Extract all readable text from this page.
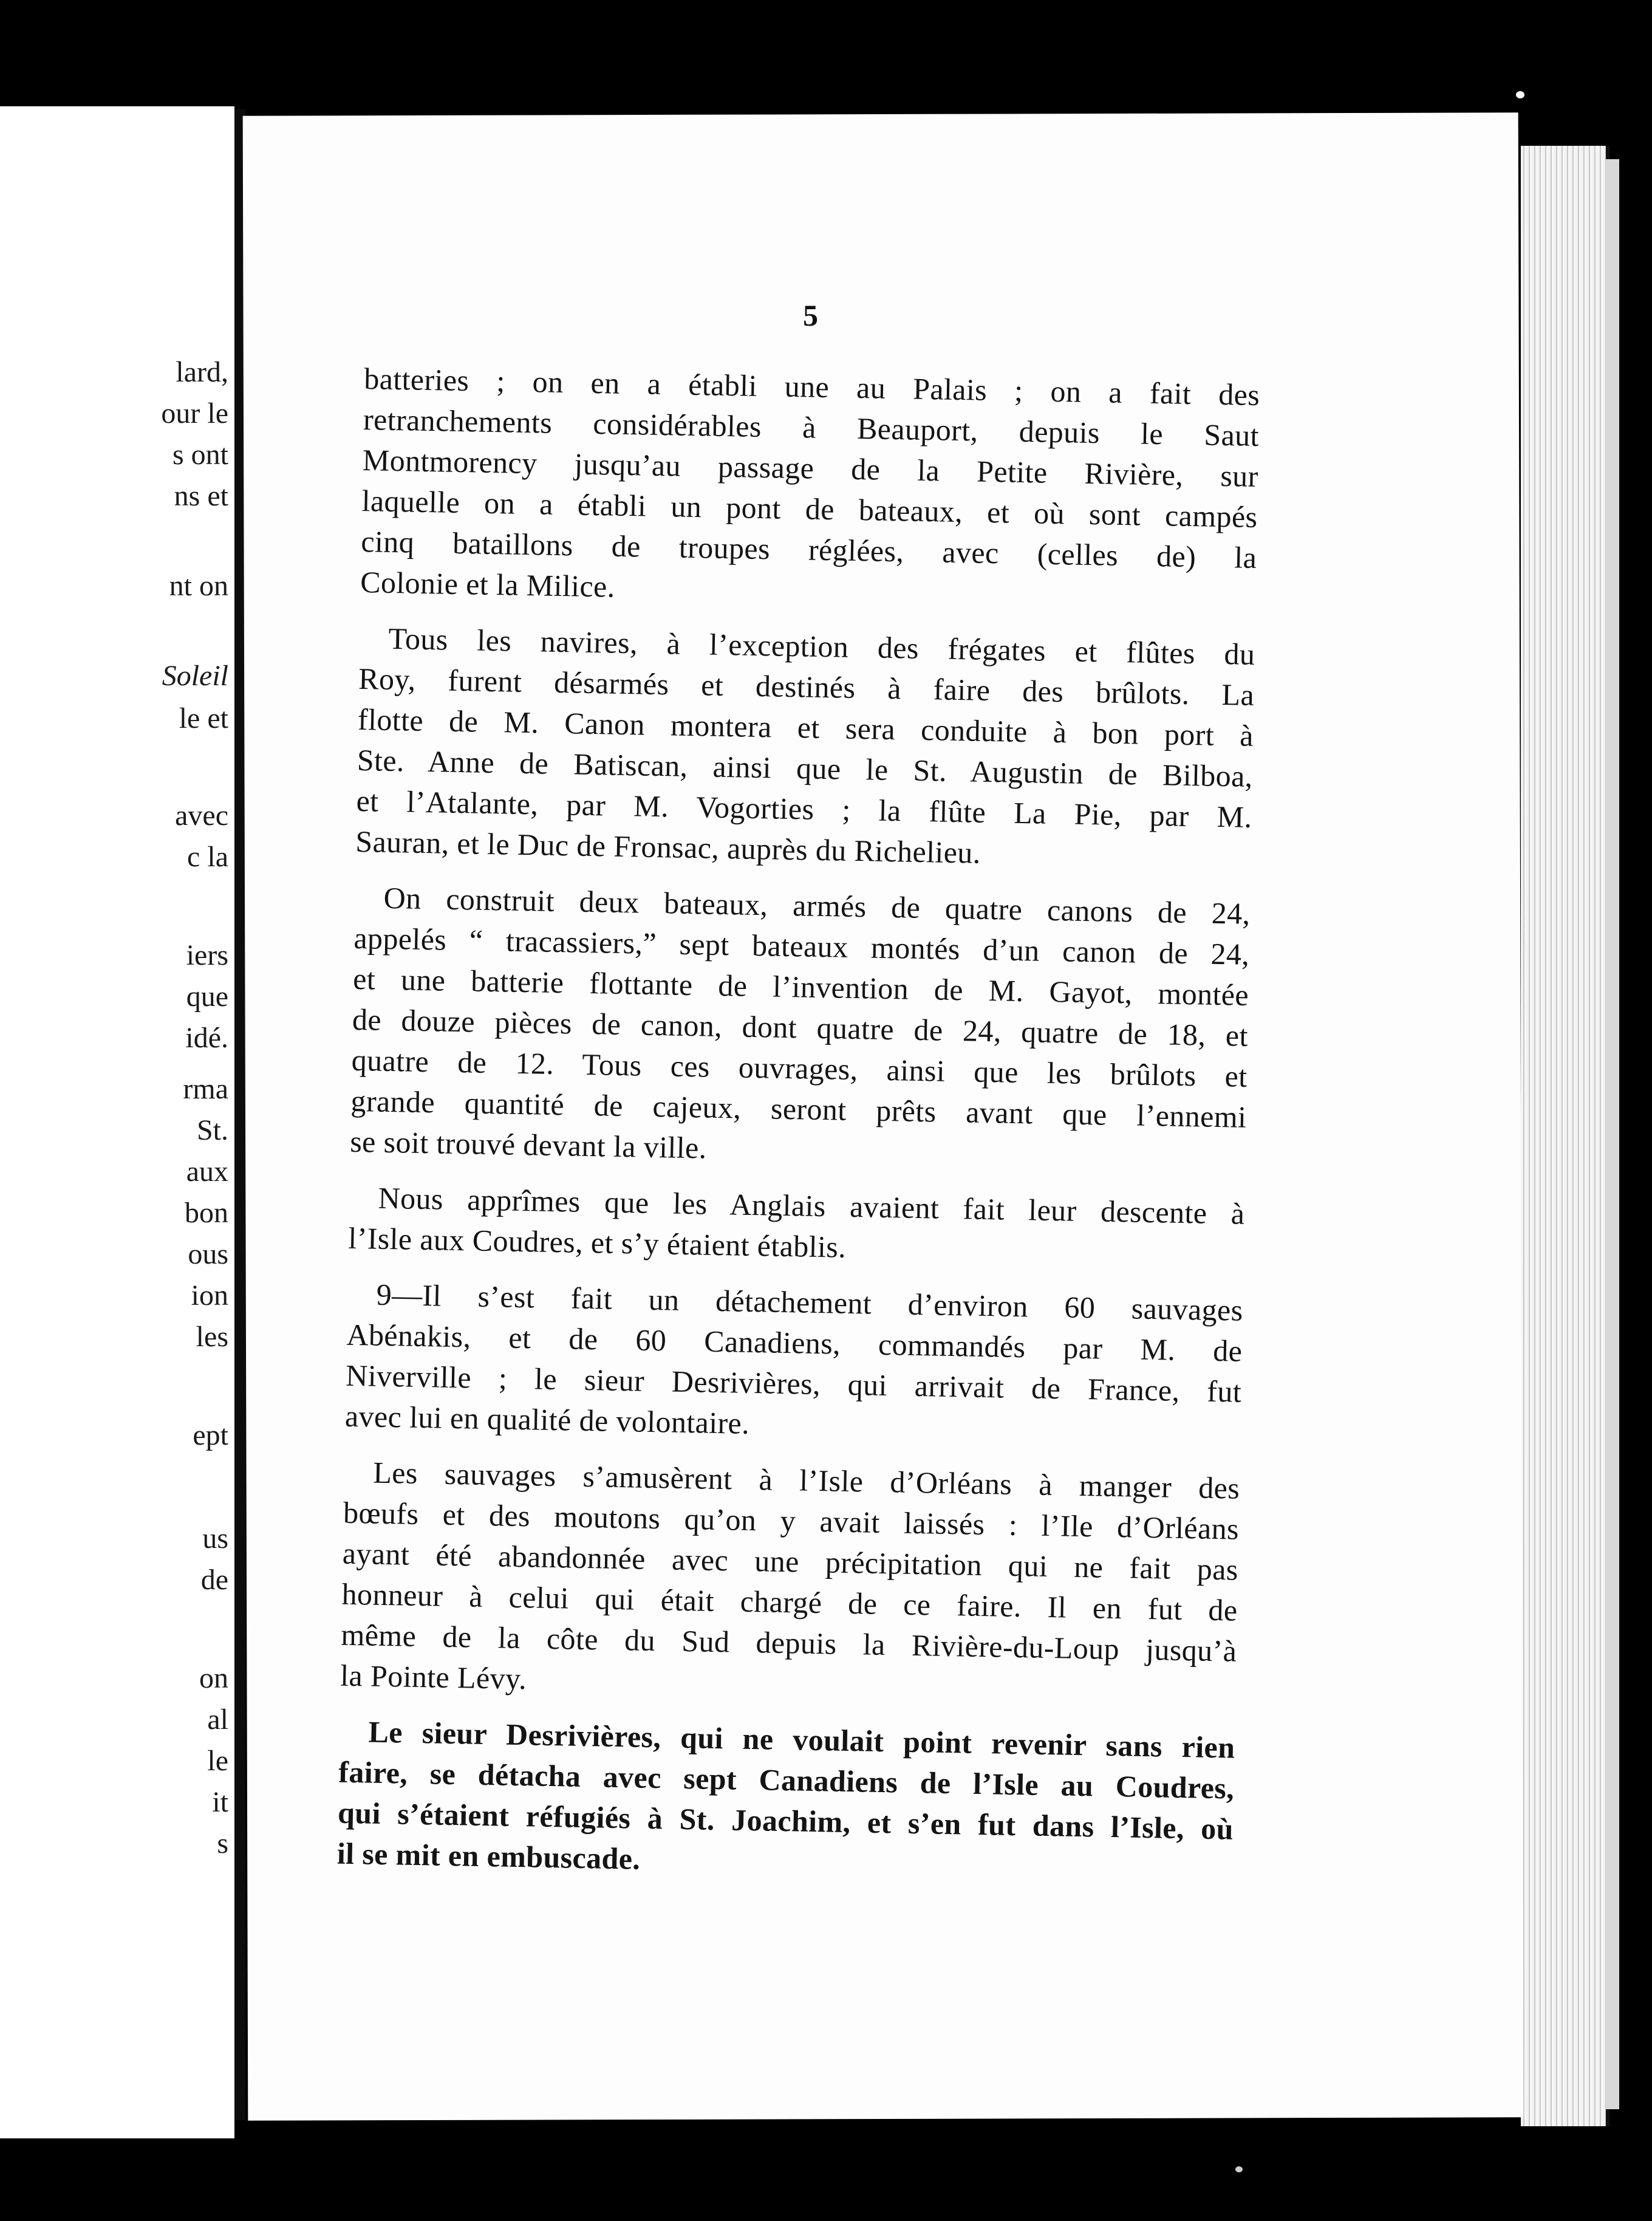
lard,
our le
s ont
ns et
nt on
Soleil
le et
avec
c la
iers
que
idé.
rma
St.
aux
bon
ous
ion
les
ept
us
de
on
al
le
it
s
5

batteries ; on en a établi une au Palais ; on a fait des
retranchements considérables à Beauport, depuis le Saut
Montmorency jusqu’au passage de la Petite Rivière, sur
laquelle on a établi un pont de bateaux, et où sont campés
cinq bataillons de troupes réglées, avec (celles de) la
Colonie et la Milice.

Tous les navires, à l’exception des frégates et flûtes du
Roy, furent désarmés et destinés à faire des brûlots. La
flotte de M. Canon montera et sera conduite à bon port à
Ste. Anne de Batiscan, ainsi que le St. Augustin de Bilboa,
et l’Atalante, par M. Vogorties ; la flûte La Pie, par M.
Sauran, et le Duc de Fronsac, auprès du Richelieu.

On construit deux bateaux, armés de quatre canons de 24,
appelés “ tracassiers,” sept bateaux montés d’un canon de 24,
et une batterie flottante de l’invention de M. Gayot, montée
de douze pièces de canon, dont quatre de 24, quatre de 18, et
quatre de 12. Tous ces ouvrages, ainsi que les brûlots et
grande quantité de cajeux, seront prêts avant que l’ennemi
se soit trouvé devant la ville.

Nous apprîmes que les Anglais avaient fait leur descente à
l’Isle aux Coudres, et s’y étaient établis.

9—Il s’est fait un détachement d’environ 60 sauvages
Abénakis, et de 60 Canadiens, commandés par M. de
Niverville ; le sieur Desrivières, qui arrivait de France, fut
avec lui en qualité de volontaire.

Les sauvages s’amusèrent à l’Isle d’Orléans à manger des
bœufs et des moutons qu’on y avait laissés : l’Ile d’Orléans
ayant été abandonnée avec une précipitation qui ne fait pas
honneur à celui qui était chargé de ce faire. Il en fut de
même de la côte du Sud depuis la Rivière-du-Loup jusqu’à
la Pointe Lévy.

Le sieur Desrivières, qui ne voulait point revenir sans rien
faire, se détacha avec sept Canadiens de l’Isle au Coudres,
qui s’étaient réfugiés à St. Joachim, et s’en fut dans l’Isle, où
il se mit en embuscade.
